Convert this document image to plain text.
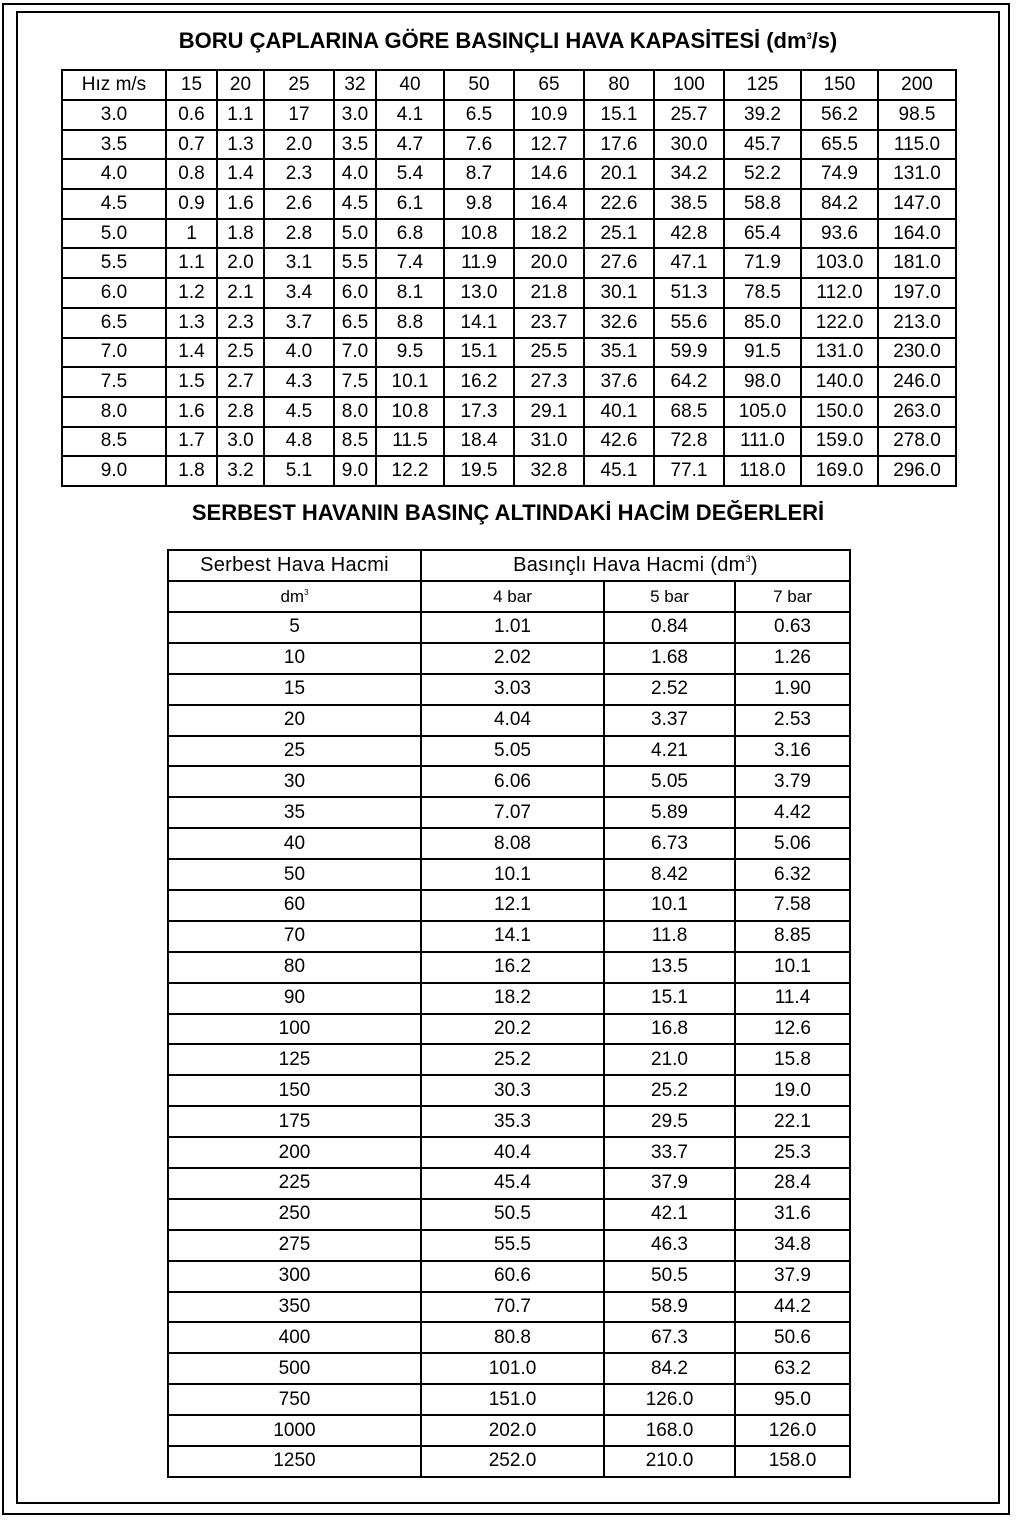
BORU ÇAPLARINA GÖRE BASINÇLI HAVA KAPASİTESİ $(dm^3/s)$
Hız m/s	15	20	25	32	40	50	65	80	100	125	150	200
3.0	0.6	1.1	17	3.0	4.1	6.5	10.9	15.1	25.7	39.2	56.2	98.5
3.5	0.7	1.3	2.0	3.5	4.7	7.6	12.7	17.6	30.0	45.7	65.5	115.0
4.0	0.8	1.4	2.3	4.0	5.4	8.7	14.6	20.1	34.2	52.2	74.9	131.0
4.5	0.9	1.6	2.6	4.5	6.1	9.8	16.4	22.6	38.5	58.8	84.2	147.0
5.0	1	1.8	2.8	5.0	6.8	10.8	18.2	25.1	42.8	65.4	93.6	164.0
5.5	1.1	2.0	3.1	5.5	7.4	11.9	20.0	27.6	47.1	71.9	103.0	181.0
6.0	1.2	2.1	3.4	6.0	8.1	13.0	21.8	30.1	51.3	78.5	112.0	197.0
6.5	1.3	2.3	3.7	6.5	8.8	14.1	23.7	32.6	55.6	85.0	122.0	213.0
7.0	1.4	2.5	4.0	7.0	9.5	15.1	25.5	35.1	59.9	91.5	131.0	230.0
7.5	1.5	2.7	4.3	7.5	10.1	16.2	27.3	37.6	64.2	98.0	140.0	246.0
8.0	1.6	2.8	4.5	8.0	10.8	17.3	29.1	40.1	68.5	105.0	150.0	263.0
8.5	1.7	3.0	4.8	8.5	11.5	18.4	31.0	42.6	72.8	111.0	159.0	278.0
9.0	1.8	3.2	5.1	9.0	12.2	19.5	32.8	45.1	77.1	118.0	169.0	296.0
SERBEST HAVANIN BASINÇ ALTINDAKİ HACİM DEĞERLERİ
Serbest Hava Hacmi	Basınçlı Hava Hacmi $(dm^3)$		
$dm^3$	4 bar	5 bar	7 bar
5	1.01	0.84	0.63
10	2.02	1.68	1.26
15	3.03	2.52	1.90
20	4.04	3.37	2.53
25	5.05	4.21	3.16
30	6.06	5.05	3.79
35	7.07	5.89	4.42
40	8.08	6.73	5.06
50	10.1	8.42	6.32
60	12.1	10.1	7.58
70	14.1	11.8	8.85
80	16.2	13.5	10.1
90	18.2	15.1	11.4
100	20.2	16.8	12.6
125	25.2	21.0	15.8
150	30.3	25.2	19.0
175	35.3	29.5	22.1
200	40.4	33.7	25.3
225	45.4	37.9	28.4
250	50.5	42.1	31.6
275	55.5	46.3	34.8
300	60.6	50.5	37.9
350	70.7	58.9	44.2
400	80.8	67.3	50.6
500	101.0	84.2	63.2
750	151.0	126.0	95.0
1000	202.0	168.0	126.0
1250	252.0	210.0	158.0
